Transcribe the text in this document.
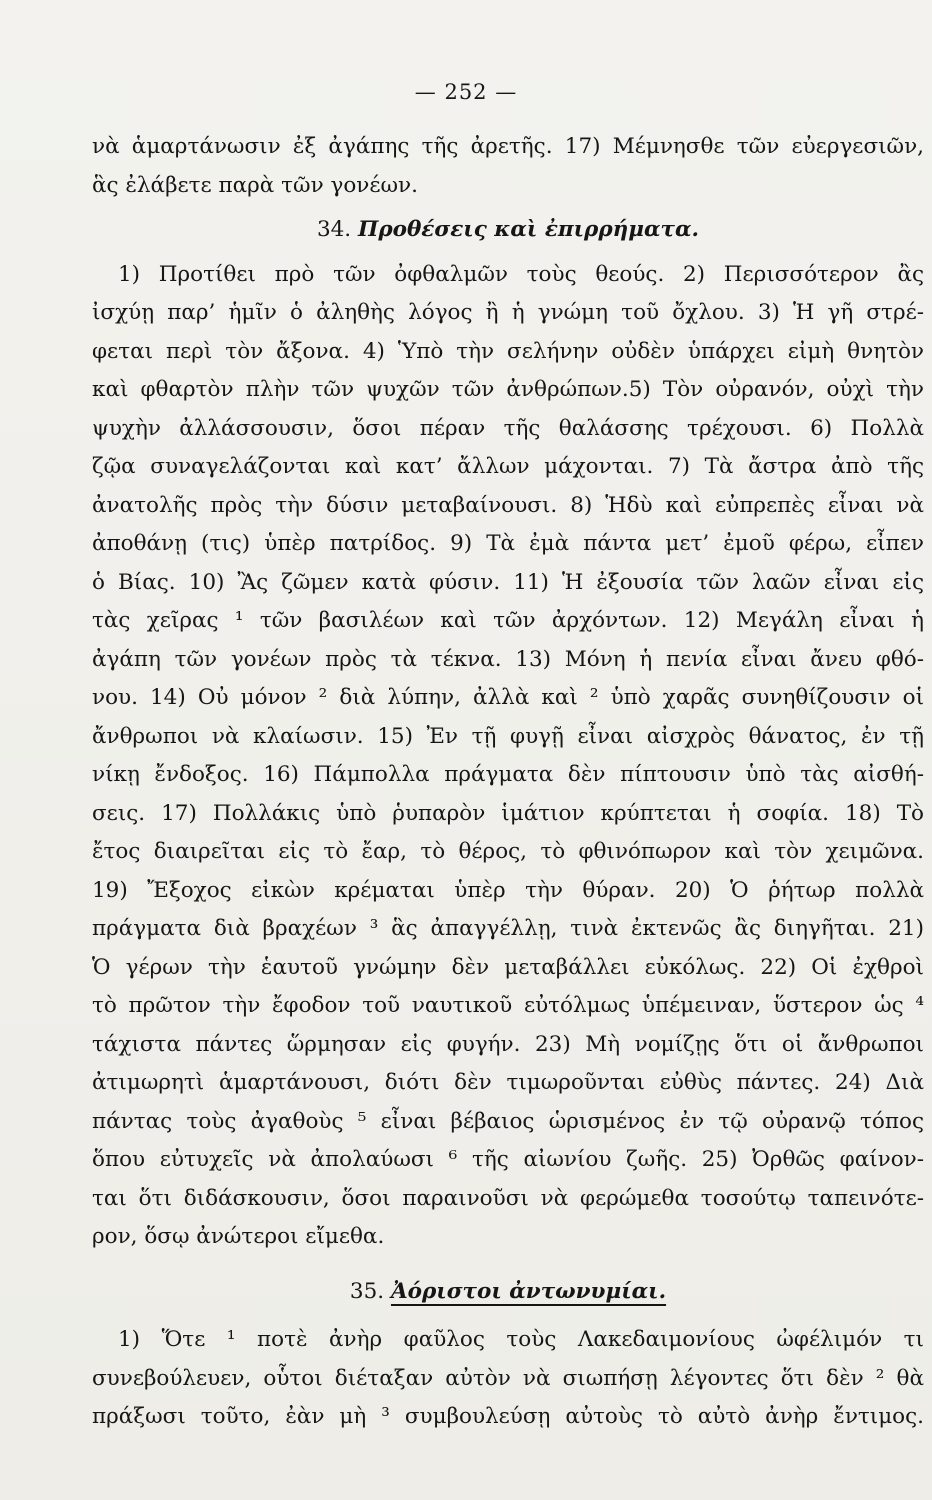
— 252 —
νὰ ἁμαρτάνωσιν ἐξ ἀγάπης τῆς ἀρετῆς. 17) Μέμνησθε τῶν εὐεργεσιῶν,
ἃς ἐλάβετε παρὰ τῶν γονέων.
34. Προθέσεις καὶ ἐπιρρήματα.
1) Προτίθει πρὸ τῶν ὀφθαλμῶν τοὺς θεούς. 2) Περισσότερον ἂς
ἰσχύῃ παρ’ ἡμῖν ὁ ἀληθὴς λόγος ἢ ἡ γνώμη τοῦ ὄχλου. 3) Ἡ γῆ στρέ-
φεται περὶ τὸν ἄξονα. 4) Ὑπὸ τὴν σελήνην οὐδὲν ὑπάρχει εἰμὴ θνητὸν
καὶ φθαρτὸν πλὴν τῶν ψυχῶν τῶν ἀνθρώπων.5) Τὸν οὐρανόν, οὐχὶ τὴν
ψυχὴν ἀλλάσσουσιν, ὅσοι πέραν τῆς θαλάσσης τρέχουσι. 6) Πολλὰ
ζῷα συναγελάζονται καὶ κατ’ ἄλλων μάχονται. 7) Τὰ ἄστρα ἀπὸ τῆς
ἀνατολῆς πρὸς τὴν δύσιν μεταβαίνουσι. 8) Ἡδὺ καὶ εὐπρεπὲς εἶναι νὰ
ἀποθάνῃ (τις) ὑπὲρ πατρίδος. 9) Τὰ ἐμὰ πάντα μετ’ ἐμοῦ φέρω, εἶπεν
ὁ Βίας. 10) Ἂς ζῶμεν κατὰ φύσιν. 11) Ἡ ἐξουσία τῶν λαῶν εἶναι εἰς
τὰς χεῖρας ¹ τῶν βασιλέων καὶ τῶν ἀρχόντων. 12) Μεγάλη εἶναι ἡ
ἀγάπη τῶν γονέων πρὸς τὰ τέκνα. 13) Μόνη ἡ πενία εἶναι ἄνευ φθό-
νου. 14) Οὐ μόνον ² διὰ λύπην, ἀλλὰ καὶ ² ὑπὸ χαρᾶς συνηθίζουσιν οἱ
ἄνθρωποι νὰ κλαίωσιν. 15) Ἐν τῇ φυγῇ εἶναι αἰσχρὸς θάνατος, ἐν τῇ
νίκῃ ἔνδοξος. 16) Πάμπολλα πράγματα δὲν πίπτουσιν ὑπὸ τὰς αἰσθή-
σεις. 17) Πολλάκις ὑπὸ ῥυπαρὸν ἱμάτιον κρύπτεται ἡ σοφία. 18) Τὸ
ἔτος διαιρεῖται εἰς τὸ ἔαρ, τὸ θέρος, τὸ φθινόπωρον καὶ τὸν χειμῶνα.
19) Ἔξοχος εἰκὼν κρέμαται ὑπὲρ τὴν θύραν. 20) Ὁ ῥήτωρ πολλὰ
πράγματα διὰ βραχέων ³ ἃς ἀπαγγέλλῃ, τινὰ ἐκτενῶς ἂς διηγῆται. 21)
Ὁ γέρων τὴν ἑαυτοῦ γνώμην δὲν μεταβάλλει εὐκόλως. 22) Οἱ ἐχθροὶ
τὸ πρῶτον τὴν ἔφοδον τοῦ ναυτικοῦ εὐτόλμως ὑπέμειναν, ὕστερον ὡς ⁴
τάχιστα πάντες ὥρμησαν εἰς φυγήν. 23) Μὴ νομίζῃς ὅτι οἱ ἄνθρωποι
ἀτιμωρητὶ ἁμαρτάνουσι, διότι δὲν τιμωροῦνται εὐθὺς πάντες. 24) Διὰ
πάντας τοὺς ἀγαθοὺς ⁵ εἶναι βέβαιος ὡρισμένος ἐν τῷ οὐρανῷ τόπος
ὅπου εὐτυχεῖς νὰ ἀπολαύωσι ⁶ τῆς αἰωνίου ζωῆς. 25) Ὀρθῶς φαίνον-
ται ὅτι διδάσκουσιν, ὅσοι παραινοῦσι νὰ φερώμεθα τοσούτῳ ταπεινότε-
ρον, ὅσῳ ἀνώτεροι εἴμεθα.
35. Ἀόριστοι ἀντωνυμίαι.
1) Ὅτε ¹ ποτὲ ἀνὴρ φαῦλος τοὺς Λακεδαιμονίους ὠφέλιμόν τι
συνεβούλευεν, οὗτοι διέταξαν αὐτὸν νὰ σιωπήσῃ λέγοντες ὅτι δὲν ² θὰ
πράξωσι τοῦτο, ἐὰν μὴ ³ συμβουλεύσῃ αὐτοὺς τὸ αὐτὸ ἀνὴρ ἔντιμος.
